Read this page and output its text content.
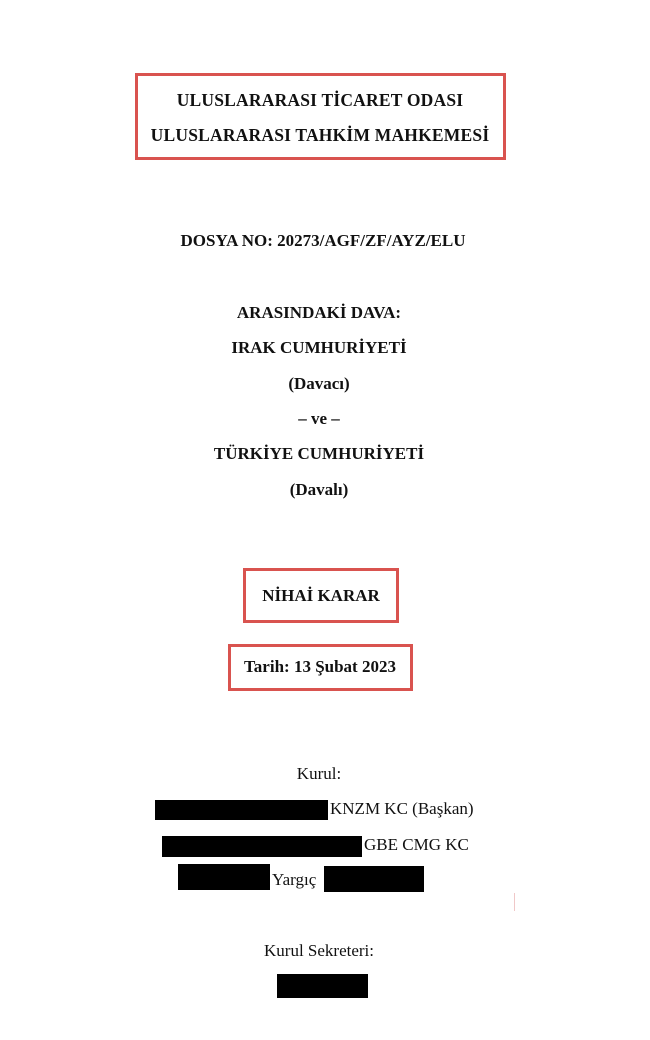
ULUSLARARASI TİCARET ODASI
ULUSLARARASI TAHKİM MAHKEMESİ
DOSYA NO: 20273/AGF/ZF/AYZ/ELU
ARASINDAKİ DAVA:
IRAK CUMHURİYETİ
(Davacı)
– ve –
TÜRKİYE CUMHURİYETİ
(Davalı)
NİHAİ KARAR
Tarih: 13 Şubat 2023
Kurul:
KNZM KC (Başkan)
GBE CMG KC
Yargıç
Kurul Sekreteri:
